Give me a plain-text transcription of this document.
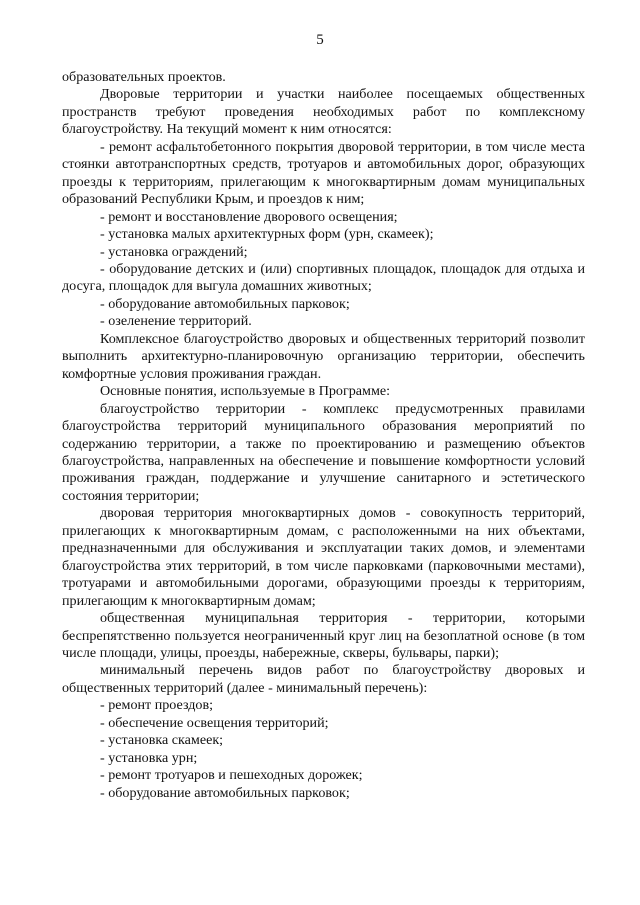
5

образовательных проектов.

Дворовые территории и участки наиболее посещаемых общественных пространств требуют проведения необходимых работ по комплексному благоустройству. На текущий момент к ним относятся:

- ремонт асфальтобетонного покрытия дворовой территории, в том числе места стоянки автотранспортных средств, тротуаров и автомобильных дорог, образующих проезды к территориям, прилегающим к многоквартирным домам муниципальных образований Республики Крым, и проездов к ним;

- ремонт и восстановление дворового освещения;

- установка малых архитектурных форм (урн, скамеек);

- установка ограждений;

- оборудование детских и (или) спортивных площадок, площадок для отдыха и досуга, площадок для выгула домашних животных;

- оборудование автомобильных парковок;

- озеленение территорий.

Комплексное благоустройство дворовых и общественных территорий позволит выполнить архитектурно-планировочную организацию территории, обеспечить комфортные условия проживания граждан.

Основные понятия, используемые в Программе:

благоустройство территории - комплекс предусмотренных правилами благоустройства территорий муниципального образования мероприятий по содержанию территории, а также по проектированию и размещению объектов благоустройства, направленных на обеспечение и повышение комфортности условий проживания граждан, поддержание и улучшение санитарного и эстетического состояния территории;

дворовая территория многоквартирных домов - совокупность территорий, прилегающих к многоквартирным домам, с расположенными на них объектами, предназначенными для обслуживания и эксплуатации таких домов, и элементами благоустройства этих территорий, в том числе парковками (парковочными местами), тротуарами и автомобильными дорогами, образующими проезды к территориям, прилегающим к многоквартирным домам;

общественная муниципальная территория - территории, которыми беспрепятственно пользуется неограниченный круг лиц на безоплатной основе (в том числе площади, улицы, проезды, набережные, скверы, бульвары, парки);

минимальный перечень видов работ по благоустройству дворовых и общественных территорий (далее - минимальный перечень):

- ремонт проездов;

- обеспечение освещения территорий;

- установка скамеек;

- установка урн;

- ремонт тротуаров и пешеходных дорожек;

- оборудование автомобильных парковок;
